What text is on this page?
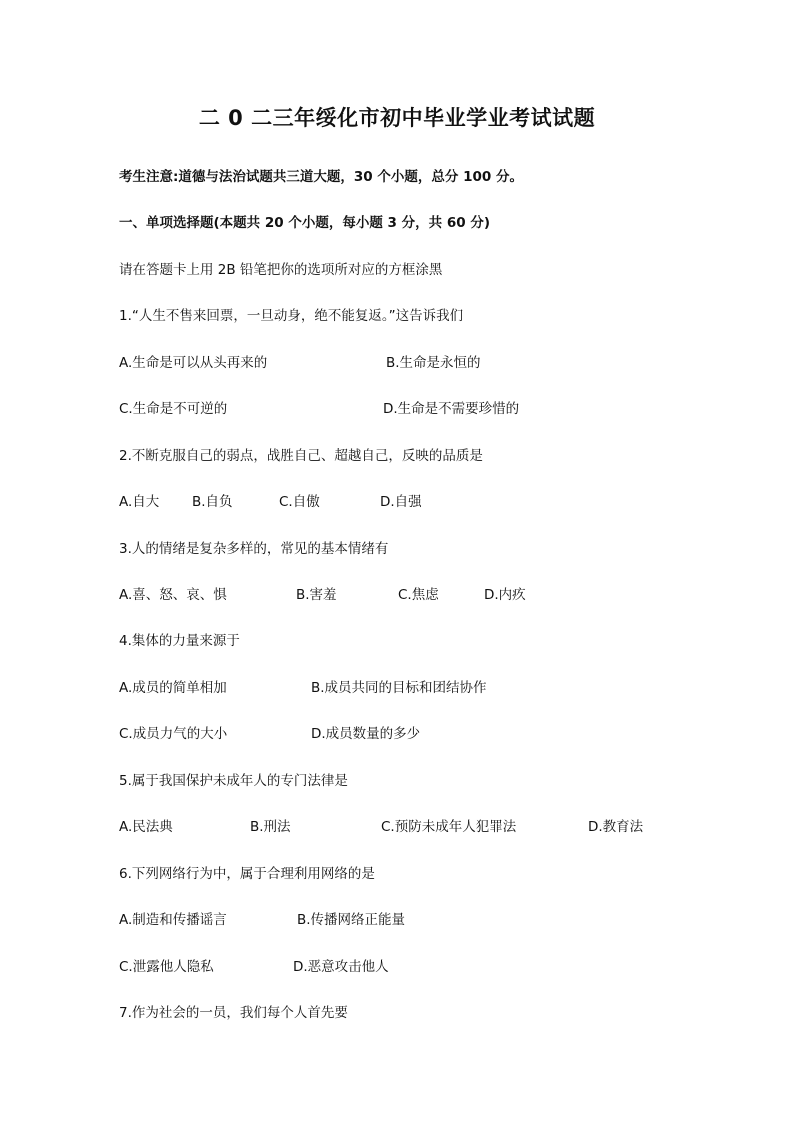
二 0 二三年绥化市初中毕业学业考试试题
考生注意:道德与法治试题共三道大题，30 个小题，总分 100 分。
一、单项选择题(本题共 20 个小题，每小题 3 分，共 60 分)
请在答题卡上用 2B 铅笔把你的选项所对应的方框涂黑
1.“人生不售来回票，一旦动身，绝不能复返。”这告诉我们
A.生命是可以从头再来的	B.生命是永恒的
C.生命是不可逆的	D.生命是不需要珍惜的
2.不断克服自己的弱点，战胜自己、超越自己，反映的品质是
A.自大 B.自负	C.自傲	D.自强
3.人的情绪是复杂多样的，常见的基本情绪有
A.喜、怒、哀、惧	B.害羞	C.焦虑	D.内疚
4.集体的力量来源于
A.成员的简单相加	B.成员共同的目标和团结协作
C.成员力气的大小	D.成员数量的多少
5.属于我国保护未成年人的专门法律是
A.民法典	B.刑法	C.预防未成年人犯罪法	D.教育法
6.下列网络行为中，属于合理利用网络的是
A.制造和传播谣言	B.传播网络正能量
C.泄露他人隐私	D.恶意攻击他人
7.作为社会的一员，我们每个人首先要
